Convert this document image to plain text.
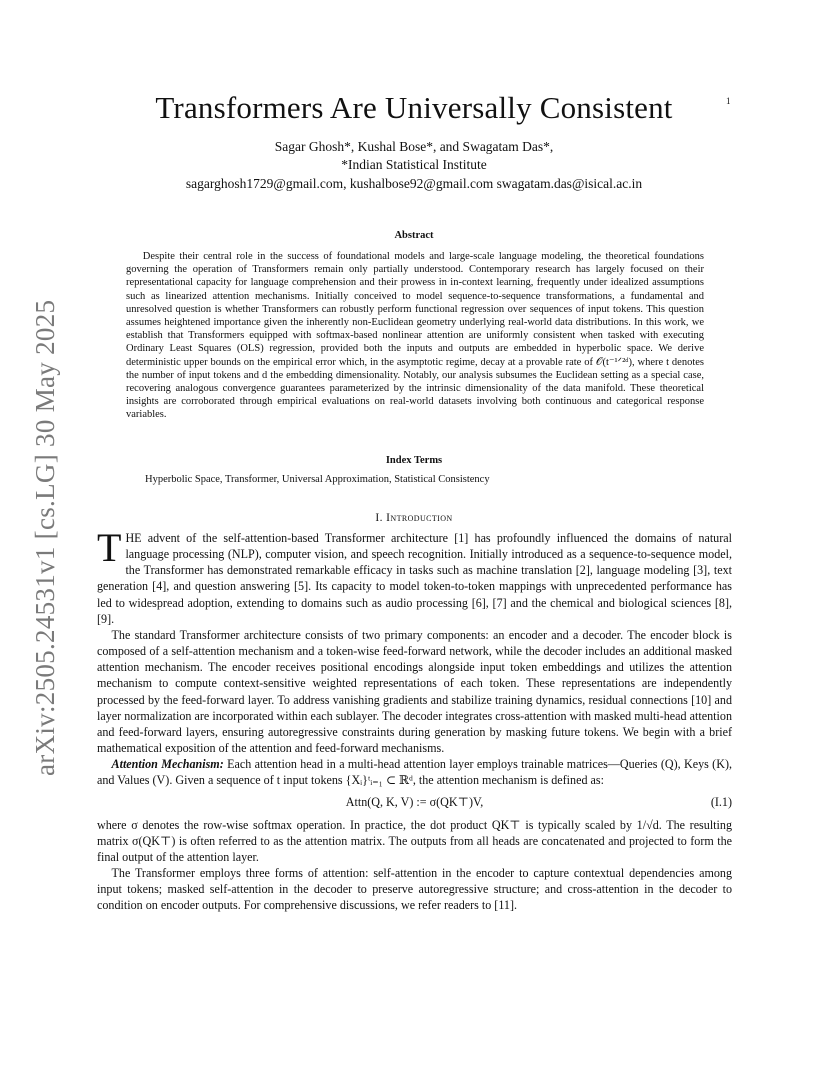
arXiv:2505.24531v1 [cs.LG] 30 May 2025
1
Transformers Are Universally Consistent
Sagar Ghosh*, Kushal Bose*, and Swagatam Das*,
*Indian Statistical Institute
sagarghosh1729@gmail.com, kushalbose92@gmail.com swagatam.das@isical.ac.in
Abstract

Despite their central role in the success of foundational models and large-scale language modeling, the theoretical foundations governing the operation of Transformers remain only partially understood. Contemporary research has largely focused on their representational capacity for language comprehension and their prowess in in-context learning, frequently under idealized assumptions such as linearized attention mechanisms. Initially conceived to model sequence-to-sequence transformations, a fundamental and unresolved question is whether Transformers can robustly perform functional regression over sequences of input tokens. This question assumes heightened importance given the inherently non-Euclidean geometry underlying real-world data distributions. In this work, we establish that Transformers equipped with softmax-based nonlinear attention are uniformly consistent when tasked with executing Ordinary Least Squares (OLS) regression, provided both the inputs and outputs are embedded in hyperbolic space. We derive deterministic upper bounds on the empirical error which, in the asymptotic regime, decay at a provable rate of 𝒪(t⁻¹ᐟ²ᵈ), where t denotes the number of input tokens and d the embedding dimensionality. Notably, our analysis subsumes the Euclidean setting as a special case, recovering analogous convergence guarantees parameterized by the intrinsic dimensionality of the data manifold. These theoretical insights are corroborated through empirical evaluations on real-world datasets involving both continuous and categorical response variables.

Index Terms
Hyperbolic Space, Transformer, Universal Approximation, Statistical Consistency
I. Introduction

THE advent of the self-attention-based Transformer architecture [1] has profoundly influenced the domains of natural language processing (NLP), computer vision, and speech recognition. Initially introduced as a sequence-to-sequence model, the Transformer has demonstrated remarkable efficacy in tasks such as machine translation [2], language modeling [3], text generation [4], and question answering [5]. Its capacity to model token-to-token mappings with unprecedented performance has led to widespread adoption, extending to domains such as audio processing [6], [7] and the chemical and biological sciences [8], [9].

The standard Transformer architecture consists of two primary components: an encoder and a decoder. The encoder block is composed of a self-attention mechanism and a token-wise feed-forward network, while the decoder includes an additional masked attention mechanism. The encoder receives positional encodings alongside input token embeddings and utilizes the attention mechanism to compute context-sensitive weighted representations of each token. These representations are independently processed by the feed-forward layer. To address vanishing gradients and stabilize training dynamics, residual connections [10] and layer normalization are incorporated within each sublayer. The decoder integrates cross-attention with masked multi-head attention and feed-forward layers, ensuring autoregressive constraints during generation by masking future tokens. We begin with a brief mathematical exposition of the attention and feed-forward mechanisms.

Attention Mechanism: Each attention head in a multi-head attention layer employs trainable matrices—Queries (Q), Keys (K), and Values (V). Given a sequence of t input tokens {Xᵢ}ᵗᵢ₌₁ ⊂ ℝᵈ, the attention mechanism is defined as:

Attn(Q, K, V) := σ(QK⊤)V,	(I.1)

where σ denotes the row-wise softmax operation. In practice, the dot product QK⊤ is typically scaled by 1/√d. The resulting matrix σ(QK⊤) is often referred to as the attention matrix. The outputs from all heads are concatenated and projected to form the final output of the attention layer.

The Transformer employs three forms of attention: self-attention in the encoder to capture contextual dependencies among input tokens; masked self-attention in the decoder to preserve autoregressive structure; and cross-attention in the decoder to condition on encoder outputs. For comprehensive discussions, we refer readers to [11].
